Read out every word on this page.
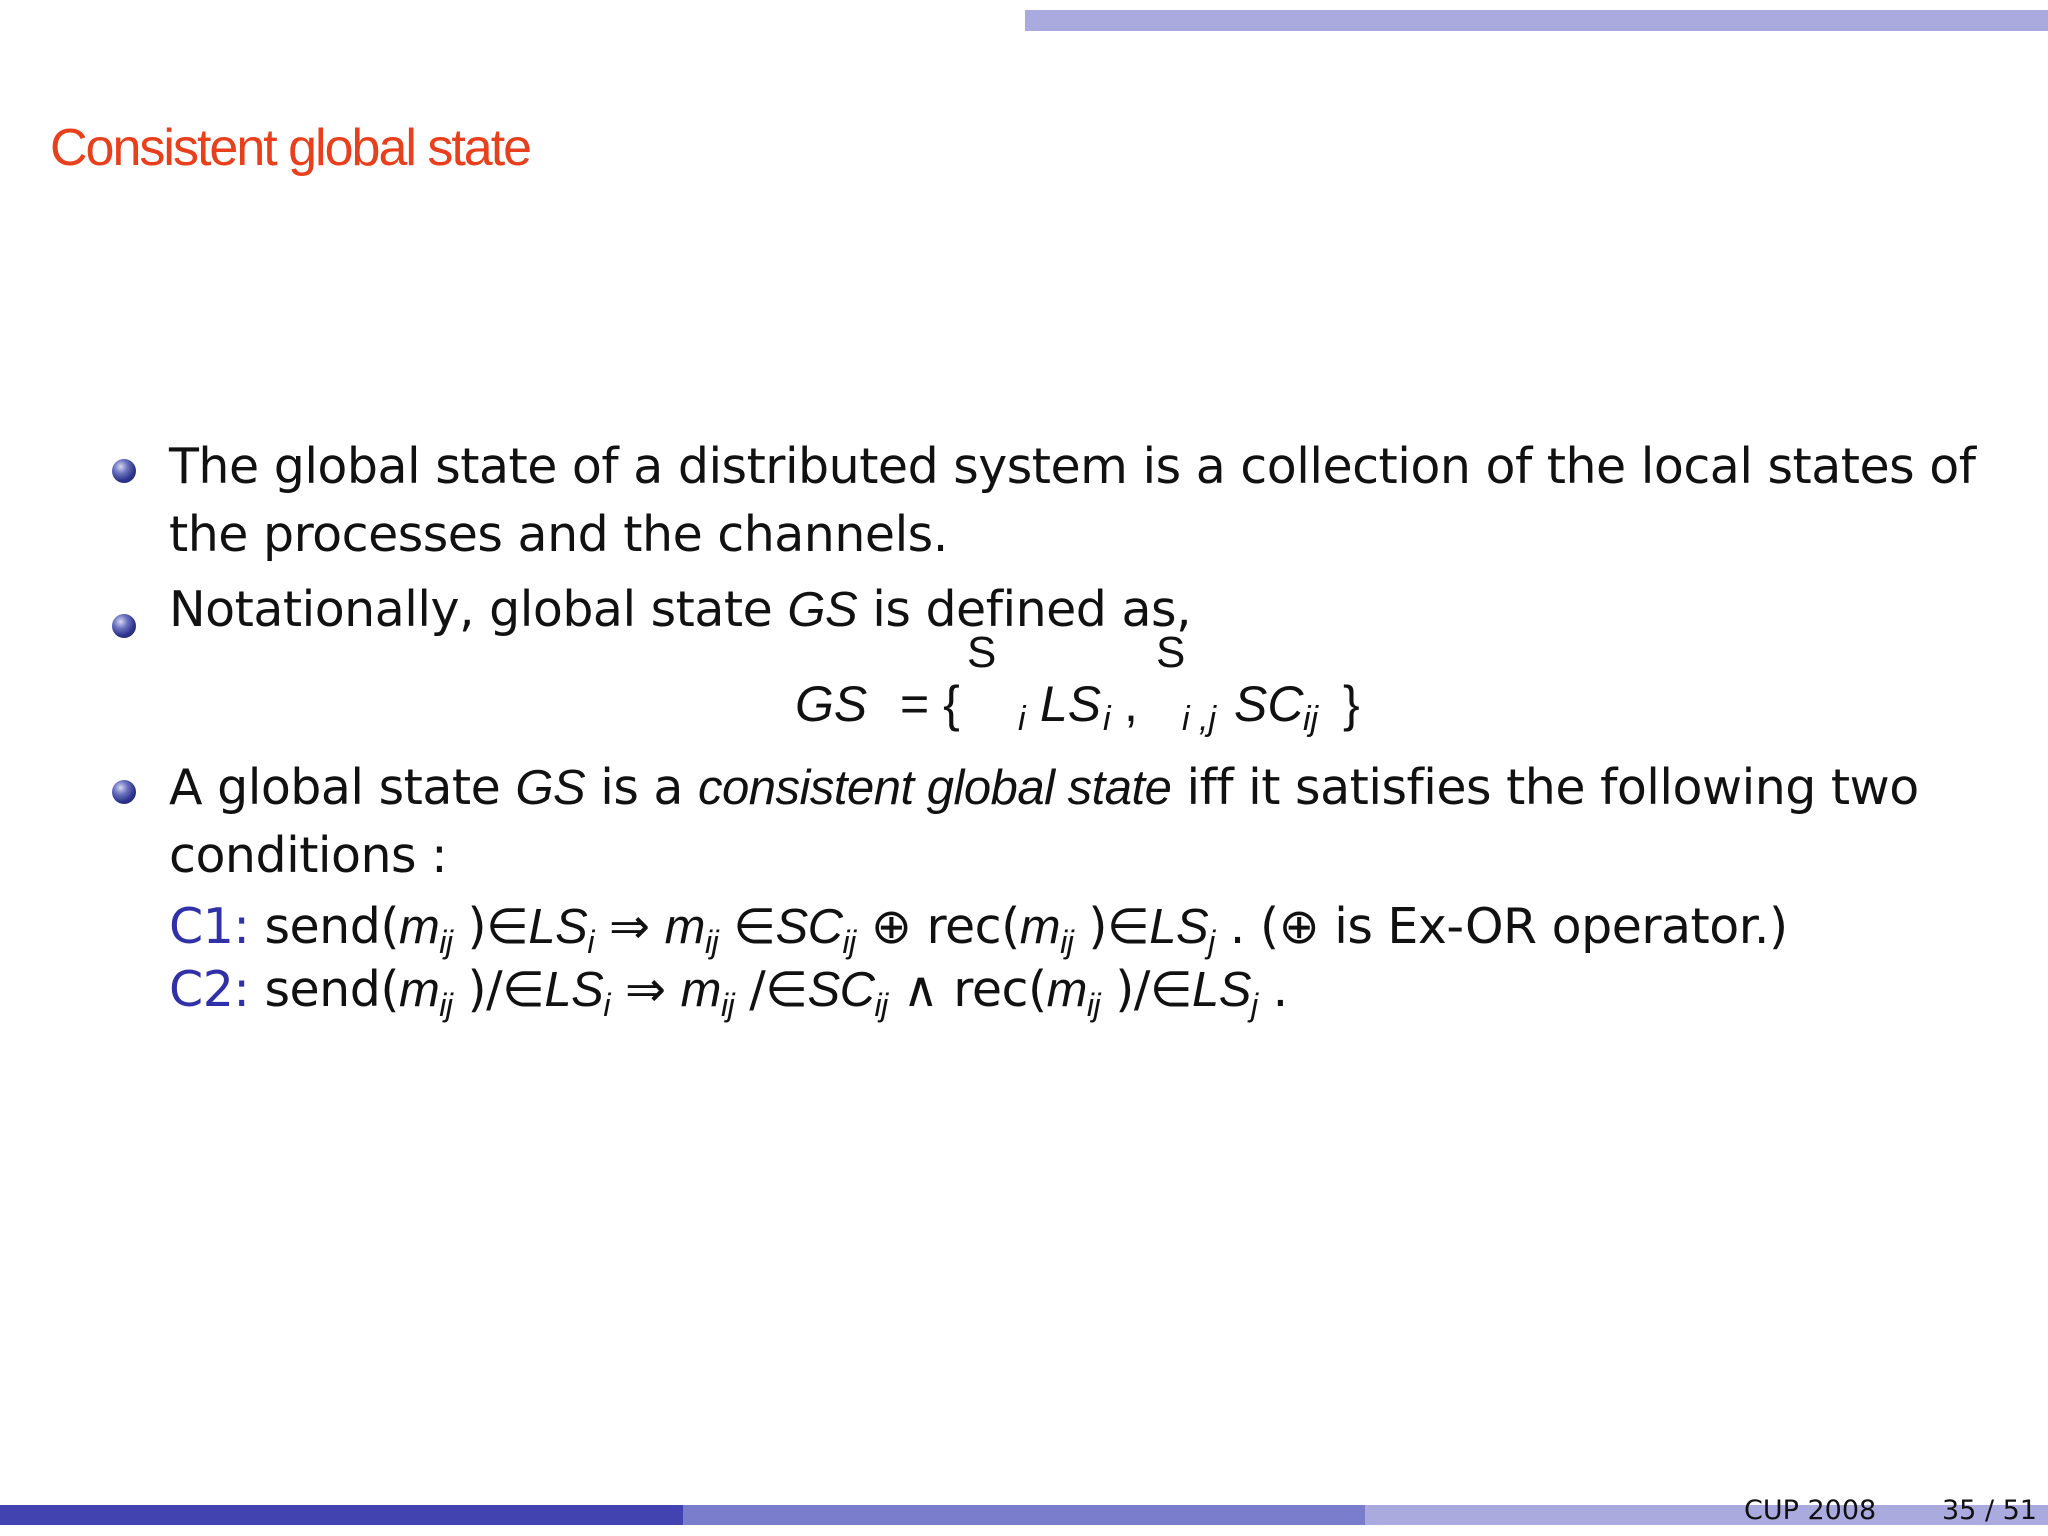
Consistent global state
The global state of a distributed system is a collection of the local states of
the processes and the channels.
Notationally, global state GS is defined as,
GS = {
S	S
i LS i , i ,j SC ij }
A global state GS is a consistent global state iff it satisfies the following two
conditions :
C1: $send(m_{ij}$ )$\in LS_i$ ⇒ $m_{ij}$ $\in SC_{ij}$ ⊕ $rec(m_{ij}$ )$\in LS_j$ . (⊕ is Ex-OR operator.)
C2: $send(m_{ij}$ )$/\in LS_i$ ⇒ $m_{ij}$ $/\in SC_{ij}$ ∧ $rec(m_{ij}$ )$/\in LS_j$ .
CUP 2008 35 / 51
